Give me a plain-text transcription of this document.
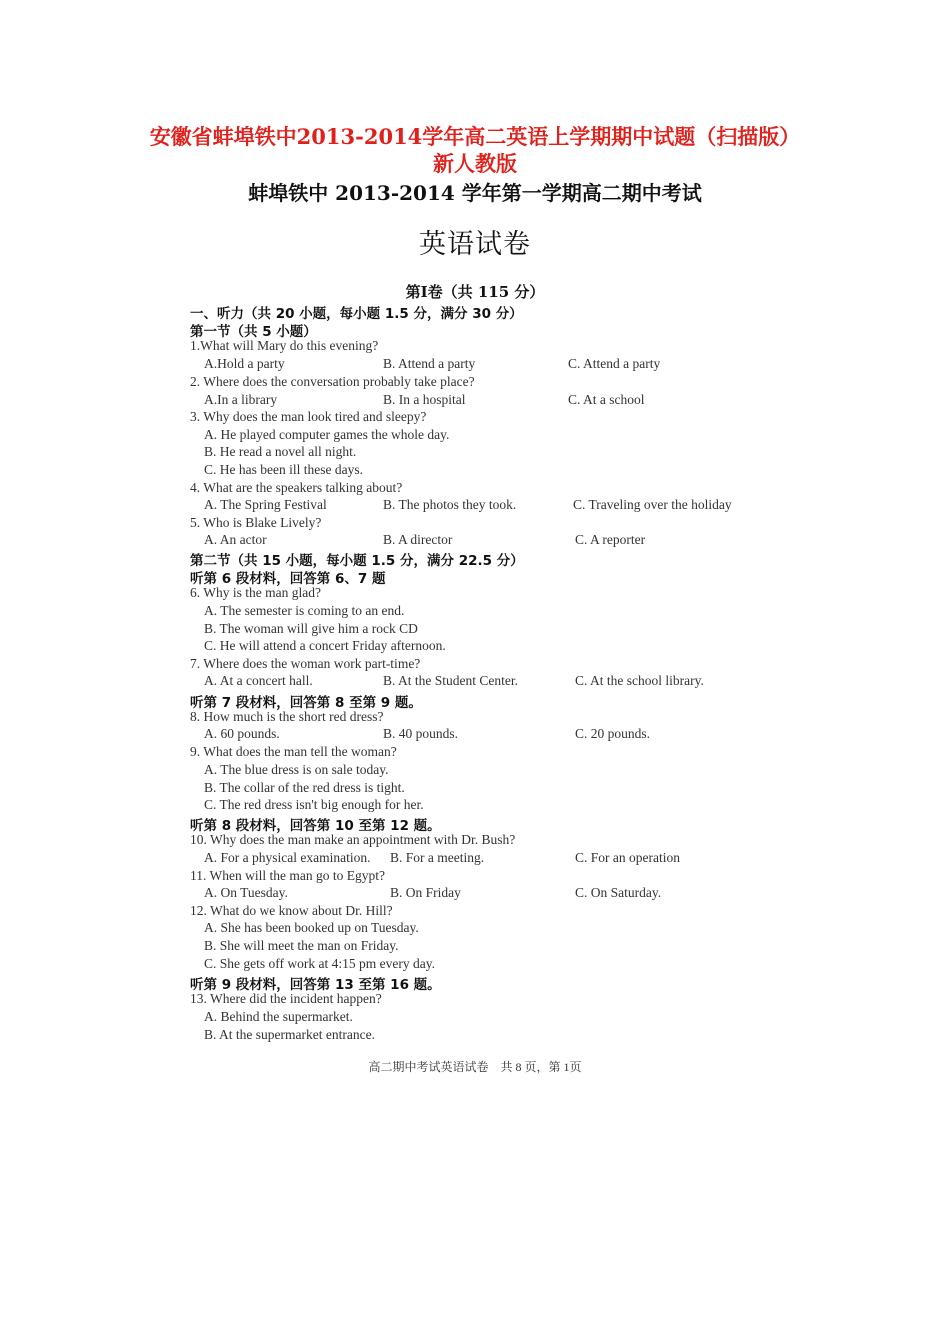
安徽省蚌埠铁中2013-2014学年高二英语上学期期中试题（扫描版）
新人教版
蚌埠铁中 2013-2014 学年第一学期高二期中考试
英语试卷
第Ⅰ卷（共 115 分）
一、听力（共 20 小题，每小题 1.5 分，满分 30 分）
第一节（共 5 小题）
1.What will Mary do this evening?
A.Hold a party	B. Attend a party	C. Attend a party
2. Where does the conversation probably take place?
A.In a library	B. In a hospital	C. At a school
3. Why does the man look tired and sleepy?
A. He played computer games the whole day.
B. He read a novel all night.
C. He has been ill these days.
4. What are the speakers talking about?
A. The Spring Festival	B. The photos they took.	C. Traveling over the holiday
5. Who is Blake Lively?
A. An actor	B. A director	C. A reporter
第二节（共 15 小题，每小题 1.5 分，满分 22.5 分）
听第 6 段材料，回答第 6、7 题
6. Why is the man glad?
A. The semester is coming to an end.
B. The woman will give him a rock CD
C. He will attend a concert Friday afternoon.
7. Where does the woman work part-time?
A. At a concert hall.	B. At the Student Center.	C. At the school library.
听第 7 段材料，回答第 8 至第 9 题。
8. How much is the short red dress?
A. 60 pounds.	B. 40 pounds.	C. 20 pounds.
9. What does the man tell the woman?
A. The blue dress is on sale today.
B. The collar of the red dress is tight.
C. The red dress isn't big enough for her.
听第 8 段材料，回答第 10 至第 12 题。
10. Why does the man make an appointment with Dr. Bush?
A. For a physical examination. B. For a meeting.	C. For an operation
11. When will the man go to Egypt?
A. On Tuesday.	B. On Friday	C. On Saturday.
12. What do we know about Dr. Hill?
A. She has been booked up on Tuesday.
B. She will meet the man on Friday.
C. She gets off work at 4:15 pm every day.
听第 9 段材料，回答第 13 至第 16 题。
13. Where did the incident happen?
A. Behind the supermarket.
B. At the supermarket entrance.
高二期中考试英语试卷　共 8 页，第 1页
